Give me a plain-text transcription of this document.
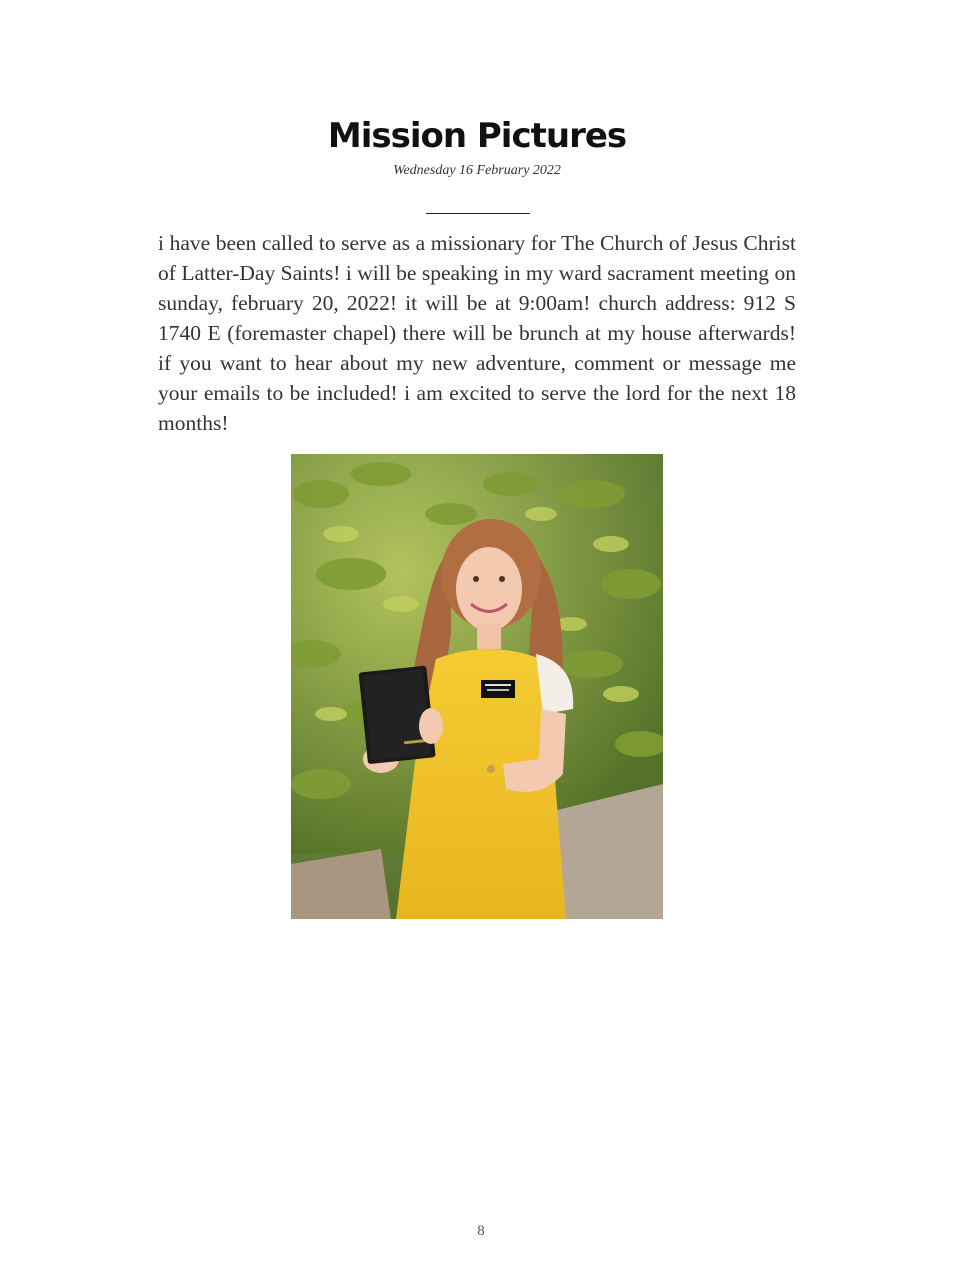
Mission Pictures
Wednesday 16 February 2022

i have been called to serve as a missionary for The Church of Jesus Christ of Latter-Day Saints! i will be speaking in my ward sacrament meeting on sunday, february 20, 2022! it will be at 9:00am! church address: 912 S 1740 E (foremaster chapel) there will be brunch at my house afterwards! if you want to hear about my new adventure, comment or message me your emails to be included! i am excited to serve the lord for the next 18 months!

8
